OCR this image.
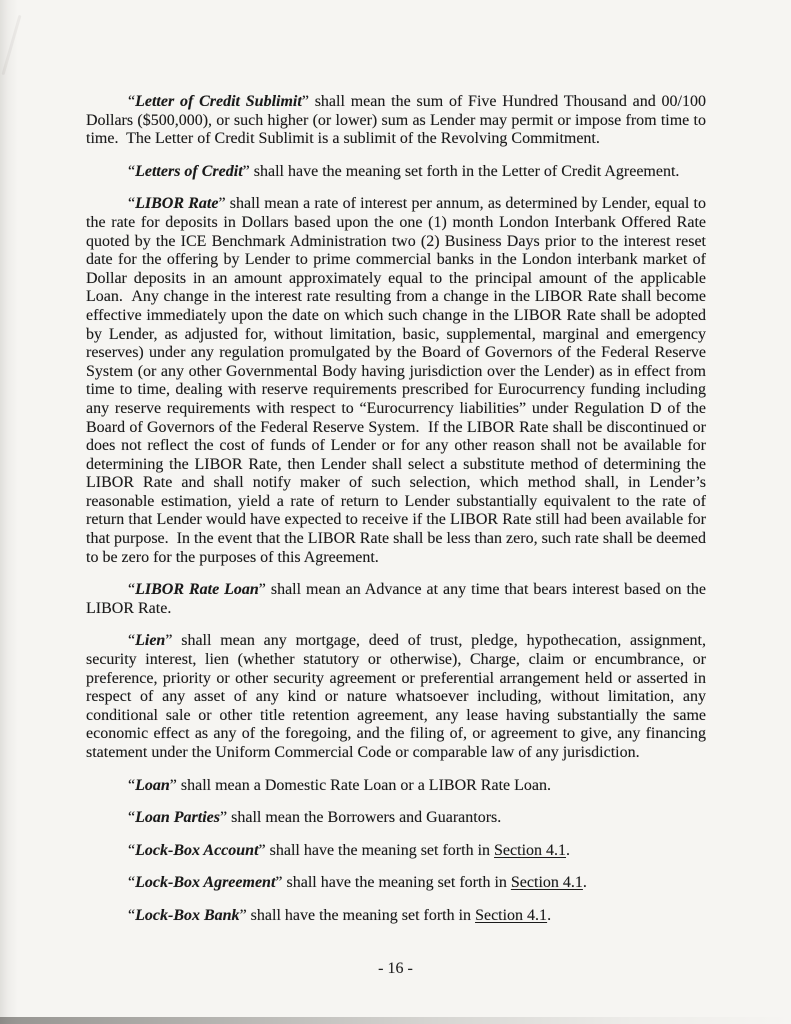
“Letter of Credit Sublimit” shall mean the sum of Five Hundred Thousand and 00/100 Dollars ($500,000), or such higher (or lower) sum as Lender may permit or impose from time to time.  The Letter of Credit Sublimit is a sublimit of the Revolving Commitment.

“Letters of Credit” shall have the meaning set forth in the Letter of Credit Agreement.

“LIBOR Rate” shall mean a rate of interest per annum, as determined by Lender, equal to the rate for deposits in Dollars based upon the one (1) month London Interbank Offered Rate quoted by the ICE Benchmark Administration two (2) Business Days prior to the interest reset date for the offering by Lender to prime commercial banks in the London interbank market of Dollar deposits in an amount approximately equal to the principal amount of the applicable Loan.  Any change in the interest rate resulting from a change in the LIBOR Rate shall become effective immediately upon the date on which such change in the LIBOR Rate shall be adopted by Lender, as adjusted for, without limitation, basic, supplemental, marginal and emergency reserves) under any regulation promulgated by the Board of Governors of the Federal Reserve System (or any other Governmental Body having jurisdiction over the Lender) as in effect from time to time, dealing with reserve requirements prescribed for Eurocurrency funding including any reserve requirements with respect to “Eurocurrency liabilities” under Regulation D of the Board of Governors of the Federal Reserve System.  If the LIBOR Rate shall be discontinued or does not reflect the cost of funds of Lender or for any other reason shall not be available for determining the LIBOR Rate, then Lender shall select a substitute method of determining the LIBOR Rate and shall notify maker of such selection, which method shall, in Lender’s reasonable estimation, yield a rate of return to Lender substantially equivalent to the rate of return that Lender would have expected to receive if the LIBOR Rate still had been available for that purpose.  In the event that the LIBOR Rate shall be less than zero, such rate shall be deemed to be zero for the purposes of this Agreement.

“LIBOR Rate Loan” shall mean an Advance at any time that bears interest based on the LIBOR Rate.

“Lien” shall mean any mortgage, deed of trust, pledge, hypothecation, assignment, security interest, lien (whether statutory or otherwise), Charge, claim or encumbrance, or preference, priority or other security agreement or preferential arrangement held or asserted in respect of any asset of any kind or nature whatsoever including, without limitation, any conditional sale or other title retention agreement, any lease having substantially the same economic effect as any of the foregoing, and the filing of, or agreement to give, any financing statement under the Uniform Commercial Code or comparable law of any jurisdiction.

“Loan” shall mean a Domestic Rate Loan or a LIBOR Rate Loan.

“Loan Parties” shall mean the Borrowers and Guarantors.

“Lock-Box Account” shall have the meaning set forth in Section 4.1.

“Lock-Box Agreement” shall have the meaning set forth in Section 4.1.

“Lock-Box Bank” shall have the meaning set forth in Section 4.1.

- 16 -
